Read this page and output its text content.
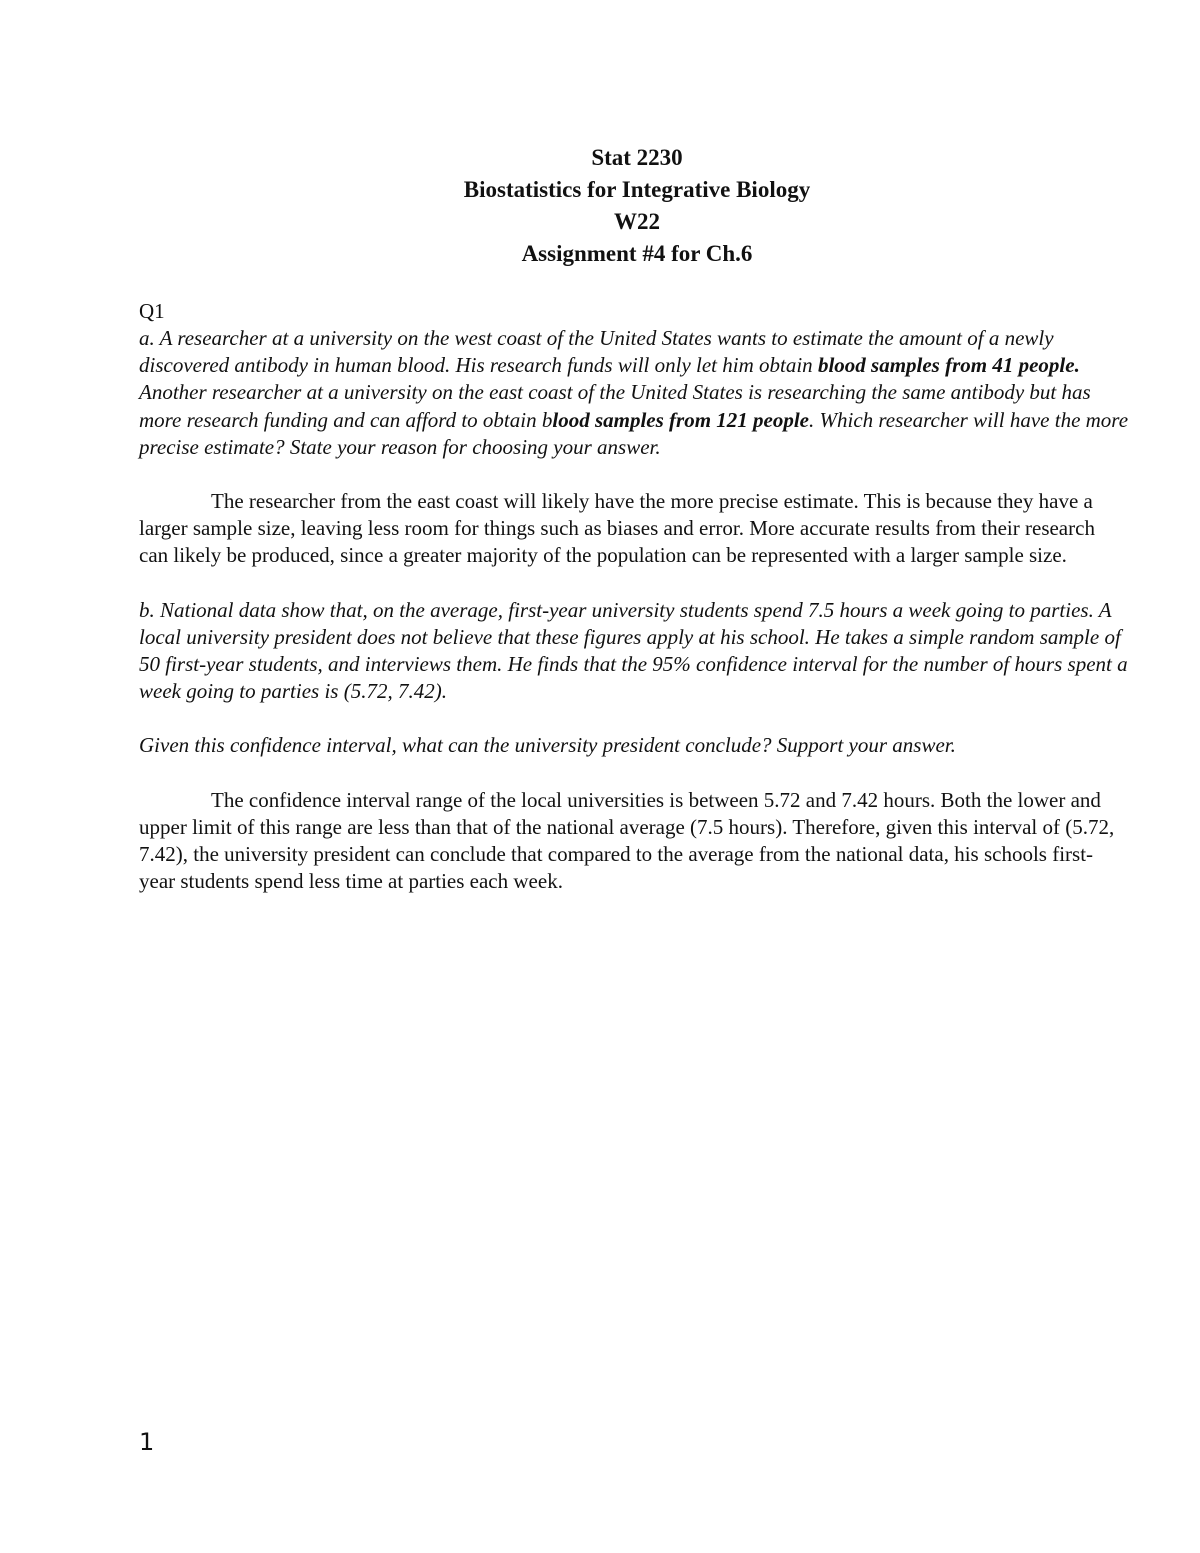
Stat 2230
Biostatistics for Integrative Biology
W22
Assignment #4 for Ch.6

Q1

a. A researcher at a university on the west coast of the United States wants to estimate the amount of a newly discovered antibody in human blood. His research funds will only let him obtain blood samples from 41 people. Another researcher at a university on the east coast of the United States is researching the same antibody but has more research funding and can afford to obtain blood samples from 121 people. Which researcher will have the more precise estimate? State your reason for choosing your answer.

The researcher from the east coast will likely have the more precise estimate. This is because they have a larger sample size, leaving less room for things such as biases and error. More accurate results from their research can likely be produced, since a greater majority of the population can be represented with a larger sample size.

b. National data show that, on the average, first-year university students spend 7.5 hours a week going to parties. A local university president does not believe that these figures apply at his school. He takes a simple random sample of 50 first-year students, and interviews them. He finds that the 95% confidence interval for the number of hours spent a week going to parties is (5.72, 7.42).

Given this confidence interval, what can the university president conclude? Support your answer.

The confidence interval range of the local universities is between 5.72 and 7.42 hours. Both the lower and upper limit of this range are less than that of the national average (7.5 hours). Therefore, given this interval of (5.72, 7.42), the university president can conclude that compared to the average from the national data, his schools first-year students spend less time at parties each week.

1
